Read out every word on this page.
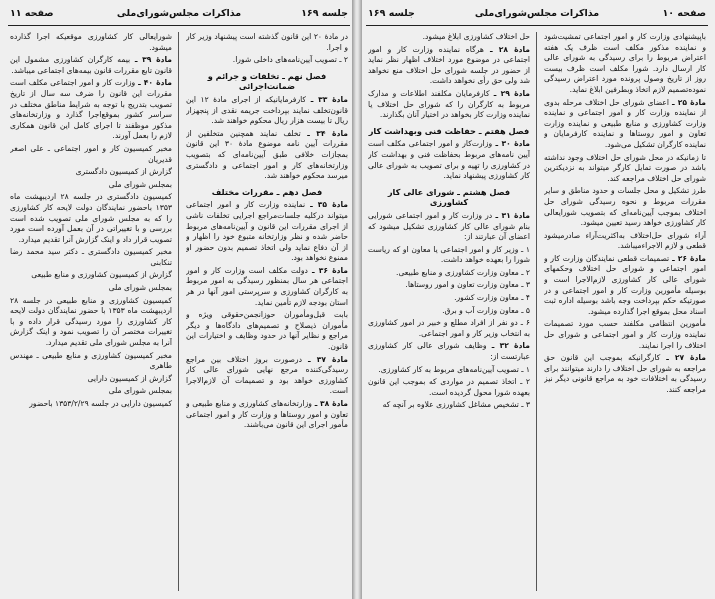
جلسه ۱۶۹
مذاکرات مجلس‌شورای‌ملی
صفحه ۱۱

در مادهٔ ۲۰ این قانون گذشته است پیشنهاد وزیر کار و اجرا.

۲ ـ تصویب آیین‌نامه‌های داخلی شورا.

فصل نهم ـ تخلفات و جرائم و ضمانت‌اجرائی

مادهٔ ۳۳ ـ کارفرمایانیکه از اجرای مادهٔ ۱۲ این قانون‌تخلف نمایند بپرداخت جریمه نقدی از پنجهزار ریال تا بیست هزار ریال محکوم خواهند شد.

مادهٔ ۳۴ ـ تخلف نمایند همچنین متخلفین از مقررات آیین نامه موضوع مادهٔ ۳۰ این قانون بمجازات خلافی طبق آیین‌نامه‌ای که بتصویب وزارتخانه‌های کار و امور اجتماعی و دادگستری میرسد محکوم خواهند شد.

فصل دهم ـ مقررات مختلف

مادهٔ ۳۵ ـ نماینده وزارت کار و امور اجتماعی میتواند درکلیه جلسات‌مراجع اجرایی تخلفات ناشی از اجرای مقررات این قانون و آیین‌نامه‌های مربوط حاضر شده و نظر وزارتخانه متبوع خود را اظهار و از آن دفاع نماید ولی اتخاذ تصمیم بدون حضور او ممنوع نخواهد بود.

مادهٔ ۳۶ ـ دولت مکلف است وزارت کار و امور اجتماعی هر سال بمنظور رسیدگی به امور مربوط به کارگران کشاورزی و سرپرستی امور آنها در هر استان بودجه لازم تأمین نماید.

بابت قبل‌ومأموران حوزانجمن‌حقوقی ویژه و مأموران ذیصلاح و تصمیم‌های دادگاه‌ها و دیگر مراجع و نظایر آنها در حدود وظایف و اختیارات این قانون.

مادهٔ ۳۷ ـ درصورت بروز اختلاف بین مراجع رسیدگی‌کننده مرجع نهایی شورای عالی کار کشاورزی خواهد بود و تصمیمات آن لازم‌الاجرا است.

مادهٔ ۳۸ ـ وزارتخانه‌های کشاورزی و منابع طبیعی و تعاون و امور روستاها و وزارت کار و امور اجتماعی مأمور اجرای این قانون می‌باشند.

شورایعالی کار کشاورزی موقعیکه اجرا گذارده میشود.

مادهٔ ۳۹ ـ بیمه کارگران کشاورزی مشمول این قانون تابع مقررات قانون بیمه‌های اجتماعی میباشد.

مادهٔ ۴۰ ـ وزارت کار و امور اجتماعی مکلف است مقررات این قانون را ضرف سه سال از تاریخ تصویب بتدریج با توجه به شرایط مناطق مختلف در سراسر کشور بموقع‌اجرا گذارد و وزارتخانه‌های مذکور موظفند تا اجرای کامل این قانون همکاری لازم را بعمل آورند.

مخبر کمیسیون کار و امور اجتماعی ـ علی اصغر قدیریان

گزارش از کمیسیون دادگستری

بمجلس شورای ملی

کمیسیون دادگستری در جلسه ۲۸ اردیبهشت ماه ۱۳۵۳ باحضور نمایندگان دولت لایحه کار کشاورزی را که به مجلس شورای ملی تصویب شده است بررسی و با تغییراتی در آن بعمل آورده است مورد تصویب قرار داد و اینک گزارش آنرا تقدیم میدارد.

مخبر کمیسیون دادگستری ـ دکتر سید محمد رضا تنکابنی

گزارش از کمیسیون کشاورزی و منابع طبیعی

بمجلس شورای ملی

کمیسیون کشاورزی و منابع طبیعی در جلسه ۲۸ اردیبهشت ماه ۱۳۵۳ با حضور نمایندگان دولت لایحه کار کشاورزی را مورد رسیدگی قرار داده و با تغییرات مختصر آن را تصویب نمود و اینک گزارش آنرا به مجلس شورای ملی تقدیم میدارد.

مخبر کمیسیون کشاورزی و منابع طبیعی ـ مهندس طاهری

گزارش از کمیسیون دارایی

بمجلس شورای ملی

کمیسیون دارایی در جلسه ۱۳۵۳/۲/۲۹ باحضور

صفحه ۱۰
مذاکرات مجلس‌شورای‌ملی
جلسه ۱۶۹

باپیشنهادی وزارت کار و امور اجتماعی تمشیت‌شود و نماینده مذکور مکلف است ظرف یک هفته اعتراض مربوط را برای رسیدگی به شورای عالی کار ارسال دارد. شورا مکلف است ظرف بیست روز از تاریخ وصول پرونده مورد اعتراض رسیدگی نموده‌تصمیم لازم اتخاذ وبطرفین ابلاغ نماید.

مادهٔ ۲۵ ـ اعضای شورای حل اختلاف مرحله بدوی از نماینده وزارت کار و امور اجتماعی و نماینده وزارت کشاورزی و منابع طبیعی و نماینده وزارت تعاون و امور روستاها و نماینده کارفرمایان و نماینده کارگران تشکیل می‌شود.

تا زمانیکه در محل شورای حل اختلاف وجود نداشته باشد در صورت تمایل کارگر میتواند به نزدیکترین شورای حل اختلاف مراجعه کند.

طرز تشکیل و محل جلسات و حدود مناطق و سایر مقررات مربوط و نحوه رسیدگی شورای حل اختلاف بموجب آیین‌نامه‌ای که بتصویب شورایعالی کار کشاورزی خواهد رسید تعیین میشود.

آراء شورای حل‌اختلاف به‌اکثریت‌آراء صادرمیشود قطعی و لازم الاجراءمیباشد.

مادهٔ ۲۶ ـ تصمیمات قطعی نمایندگان وزارت کار و امور اجتماعی و شورای حل اختلاف وحکمهای شورای عالی کار کشاورزی لازم‌الاجرا است و بوسیله مأمورین وزارت کار و امور اجتماعی و در صورتیکه حکم بپرداخت وجه باشد بوسیله اداره ثبت اسناد محل بموقع اجرا گذارده میشود.

مأمورین انتظامی مکلفند حسب مورد تصمیمات نماینده وزارت کار و امور اجتماعی و شورای حل اختلاف را اجرا نمایند.

مادهٔ ۲۷ ـ کارگرانیکه بموجب این قانون حق مراجعه به شورای حل اختلاف را دارند میتوانند برای رسیدگی به اختلافات خود به مراجع قانونی دیگر نیز مراجعه کنند.

حل اختلاف کشاورزی ابلاغ میشود.

مادهٔ ۲۸ ـ هرگاه نماینده وزارت کار و امور اجتماعی در موضوع مورد اختلاف اظهار نظر نماید از حضور در جلسه شورای حل اختلاف منع نخواهد شد ولی حق رأی نخواهد داشت.

مادهٔ ۲۹ ـ کارفرمایان مکلفند اطلاعات و مدارک مربوط به کارگران را که شورای حل اختلاف یا نماینده وزارت کار بخواهد در اختیار آنان بگذارند.

فصل هفتم ـ حفاظت فنی وبهداشت کار

مادهٔ ۳۰ ـ وزارت‌کار و امور اجتماعی مکلف است آیین نامه‌های مربوط بحفاظت فنی و بهداشت کار در کشاورزی را تهیه و برای تصویب به شورای عالی کار کشاورزی پیشنهاد نماید.

فصل هشتم ـ شورای عالی کار کشاورزی

مادهٔ ۳۱ ـ در وزارت کار و امور اجتماعی شورایی بنام شورای عالی کار کشاورزی تشکیل میشود که اعضای آن عبارتند از:

۱ ـ وزیر کار و امور اجتماعی یا معاون او که ریاست شورا را بعهده خواهد داشت.

۲ ـ معاون وزارت کشاورزی و منابع طبیعی.

۳ ـ معاون وزارت تعاون و امور روستاها.

۴ ـ معاون وزارت کشور.

۵ ـ معاون وزارت آب و برق.

۶ ـ دو نفر از افراد مطلع و خبیر در امور کشاورزی به انتخاب وزیر کار و امور اجتماعی.

مادهٔ ۳۲ ـ وظایف شورای عالی کار کشاورزی عبارتست از:

۱ ـ تصویب آیین‌نامه‌های مربوط به کار کشاورزی.

۲ ـ اتخاذ تصمیم در مواردی که بموجب این قانون بعهده شورا محول گردیده است.

۳ ـ تشخیص مشاغل کشاورزی علاوه بر آنچه که
